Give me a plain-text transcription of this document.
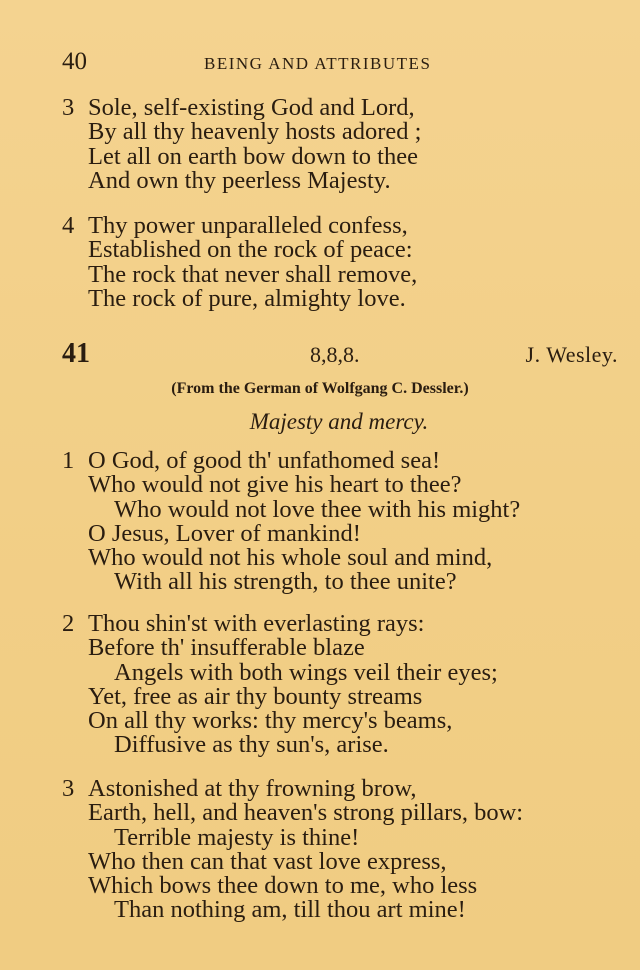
40	BEING AND ATTRIBUTES
3 Sole, self-existing God and Lord,
By all thy heavenly hosts adored ;
Let all on earth bow down to thee
And own thy peerless Majesty.
4 Thy power unparalleled confess,
Established on the rock of peace:
The rock that never shall remove,
The rock of pure, almighty love.
41	8,8,8.	J. Wesley.
(From the German of Wolfgang C. Dessler.)
Majesty and mercy.
1 O God, of good th' unfathomed sea!
Who would not give his heart to thee?
Who would not love thee with his might?
O Jesus, Lover of mankind!
Who would not his whole soul and mind,
With all his strength, to thee unite?
2 Thou shin'st with everlasting rays:
Before th' insufferable blaze
Angels with both wings veil their eyes;
Yet, free as air thy bounty streams
On all thy works: thy mercy's beams,
Diffusive as thy sun's, arise.
3 Astonished at thy frowning brow,
Earth, hell, and heaven's strong pillars, bow:
Terrible majesty is thine!
Who then can that vast love express,
Which bows thee down to me, who less
Than nothing am, till thou art mine!
